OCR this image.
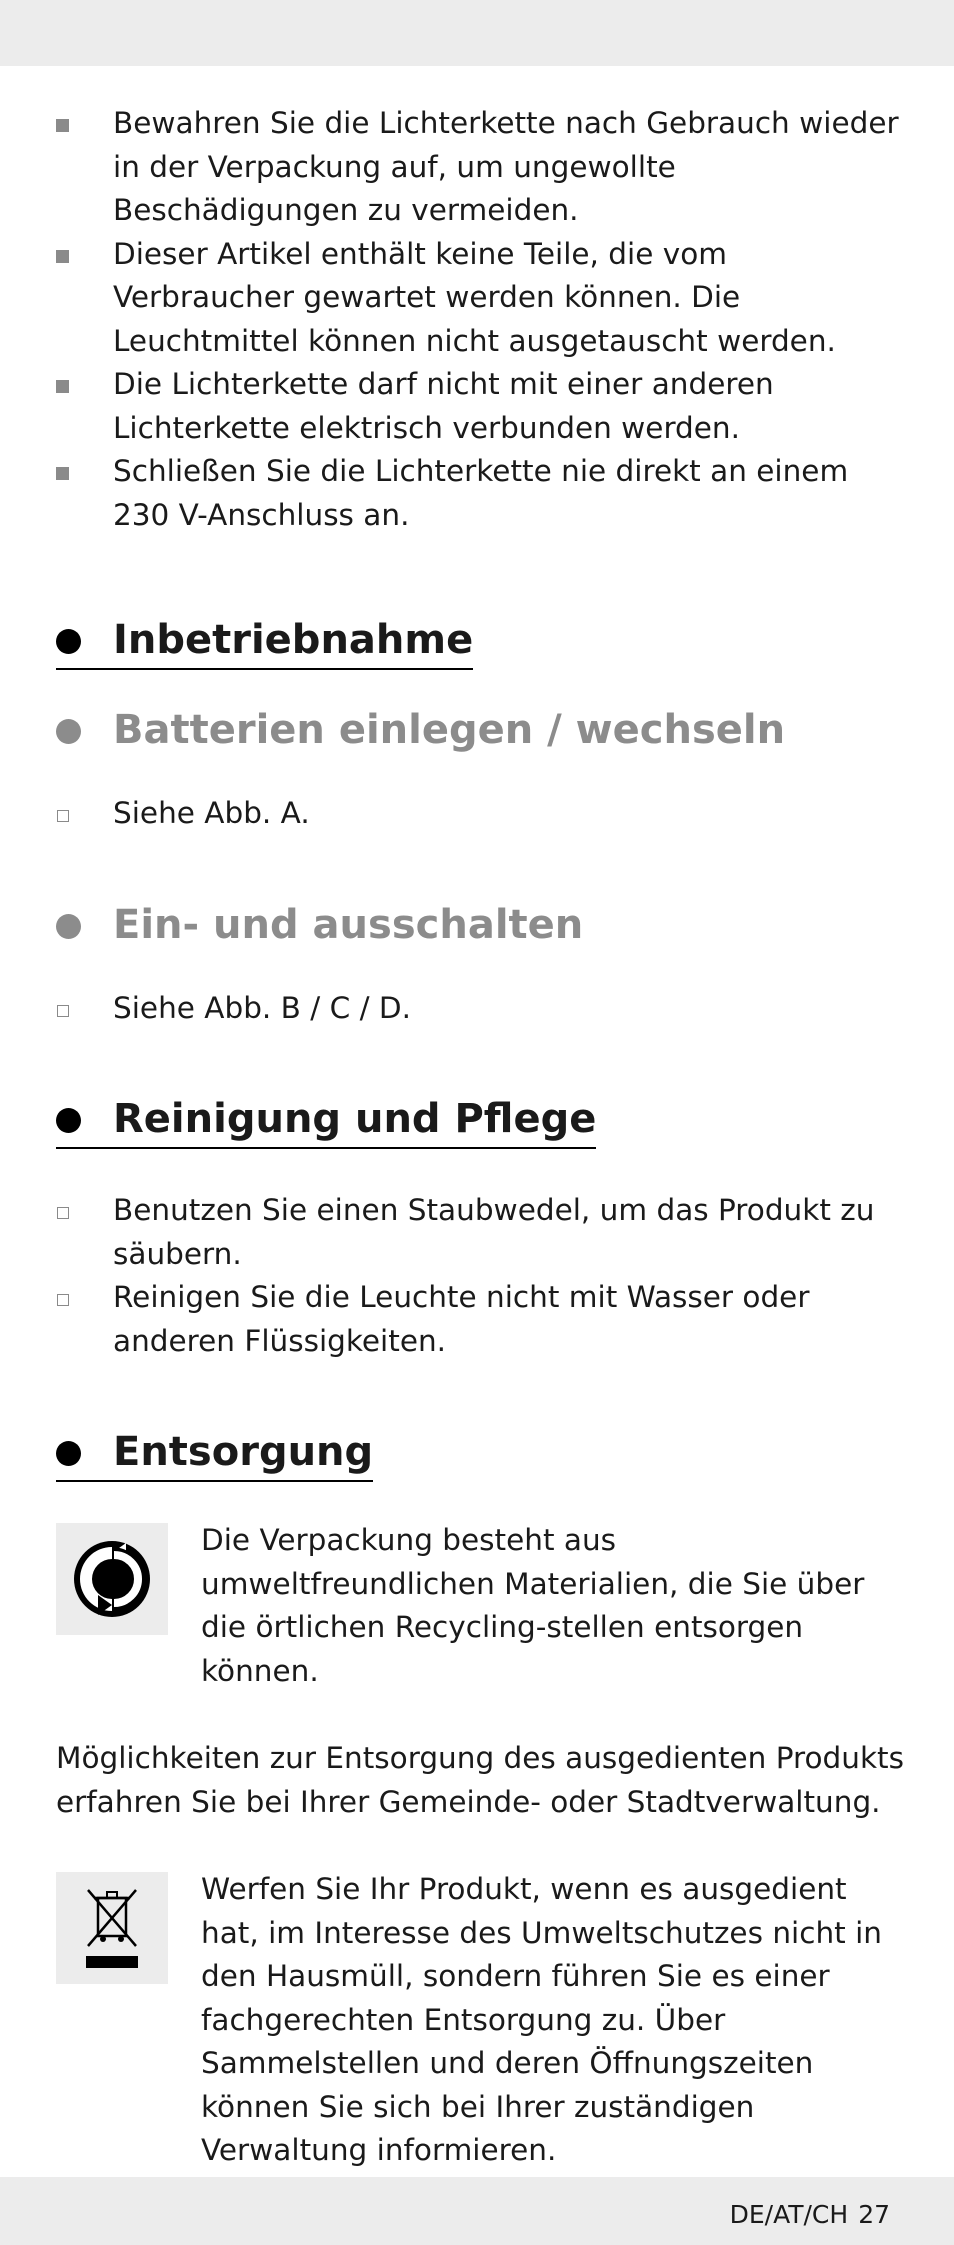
Bewahren Sie die Lichterkette nach Gebrauch wieder in der Verpackung auf, um ungewollte Beschädigungen zu vermeiden.
Dieser Artikel enthält keine Teile, die vom Verbraucher gewartet werden können. Die Leuchtmittel können nicht ausgetauscht werden.
Die Lichterkette darf nicht mit einer anderen Lichterkette elektrisch verbunden werden.
Schließen Sie die Lichterkette nie direkt an einem 230 V-Anschluss an.
Inbetriebnahme
Batterien einlegen / wechseln
Siehe Abb. A.
Ein- und ausschalten
Siehe Abb. B / C / D.
Reinigung und Pflege
Benutzen Sie einen Staubwedel, um das Produkt zu säubern.
Reinigen Sie die Leuchte nicht mit Wasser oder anderen Flüssigkeiten.
Entsorgung

Die Verpackung besteht aus umweltfreundlichen Materialien, die Sie über die örtlichen Recycling-stellen entsorgen können.

Möglichkeiten zur Entsorgung des ausgedienten Produkts erfahren Sie bei Ihrer Gemeinde- oder Stadtverwaltung.

Werfen Sie Ihr Produkt, wenn es ausgedient hat, im Interesse des Umweltschutzes nicht in den Hausmüll, sondern führen Sie es einer fachgerechten Entsorgung zu. Über Sammelstellen und deren Öffnungszeiten können Sie sich bei Ihrer zuständigen Verwaltung informieren.

DE/AT/CH 27
